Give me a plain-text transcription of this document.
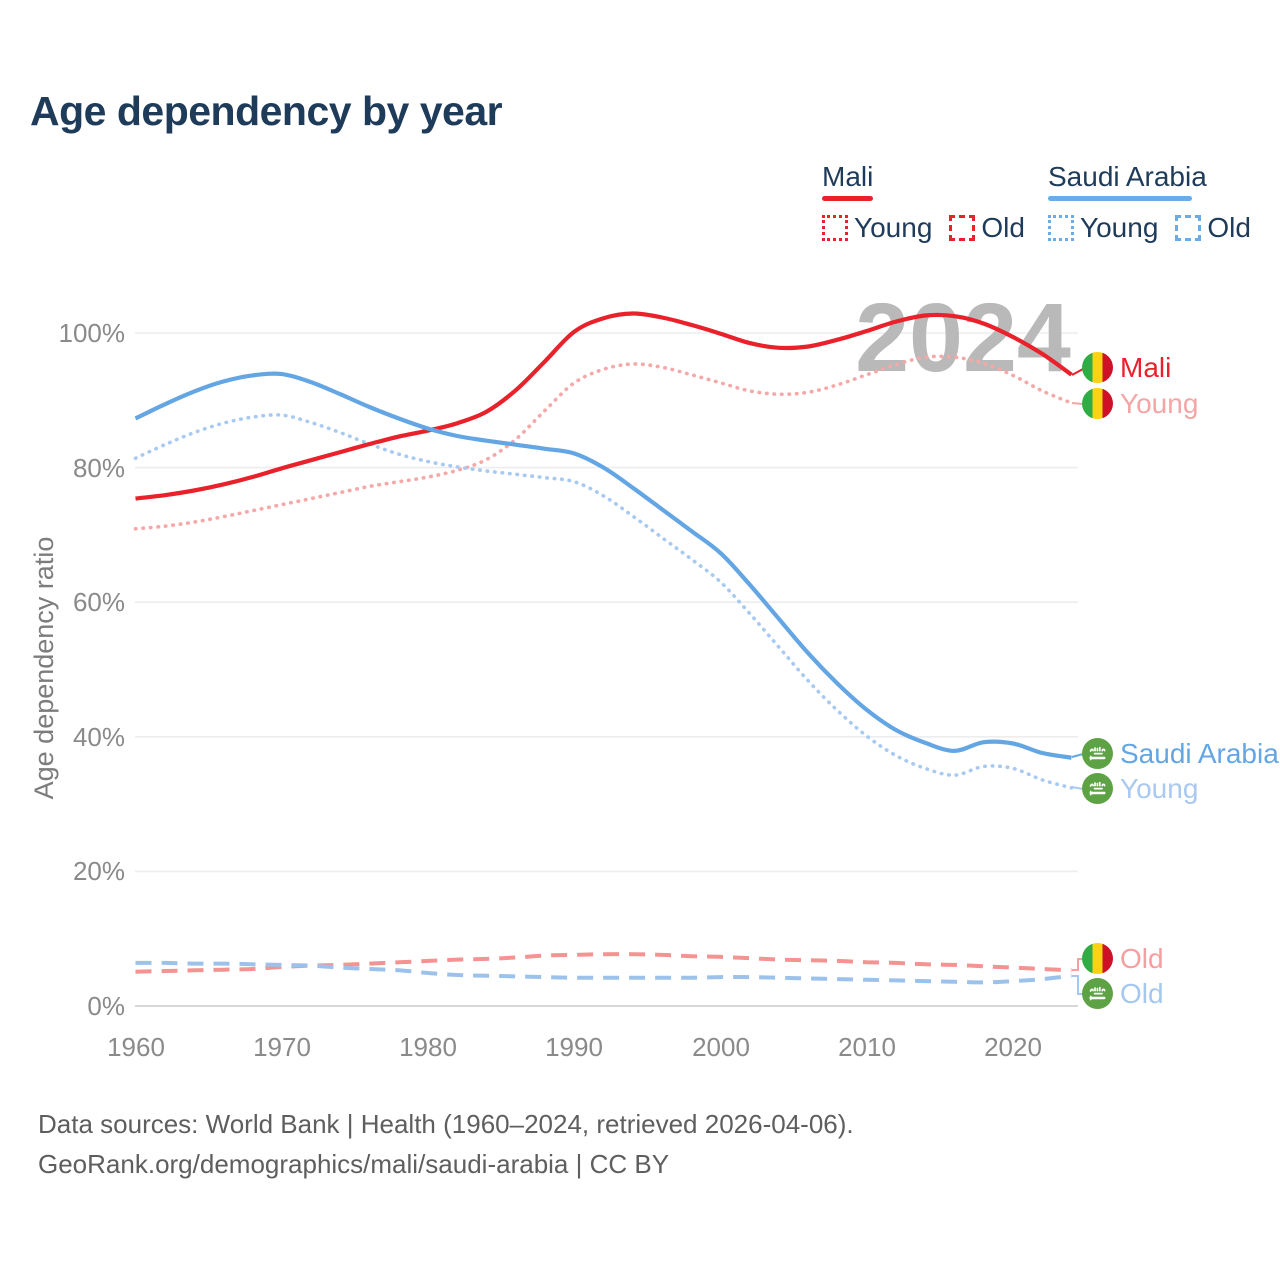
Age dependency by year
Mali
Young Old
Saudi Arabia
Young Old
2024
Age dependency ratio
Data sources: World Bank | Health (1960–2024, retrieved 2026-04-06).
GeoRank.org/demographics/mali/saudi-arabia | CC BY
100%
80%
60%
40%
20%
0%
1960	1970	1980	1990	2000	2010	2020
Mali
Young
Saudi Arabia
Young
Old
Old
